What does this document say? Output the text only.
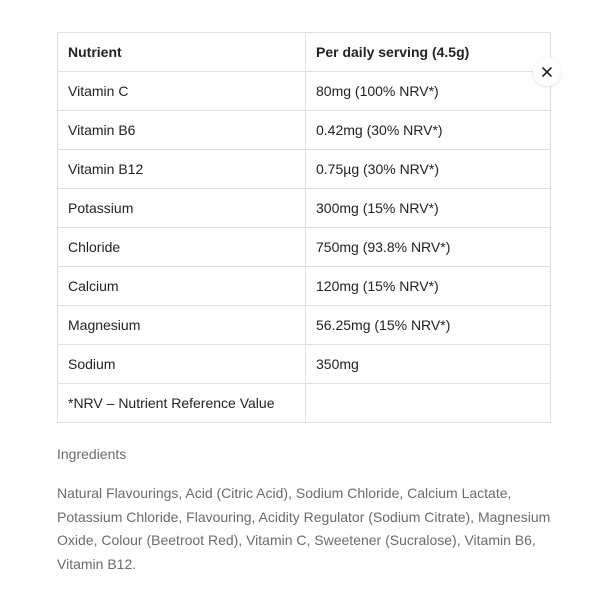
Nutrient	Per daily serving (4.5g)
Vitamin C	80mg (100% NRV*)
Vitamin B6	0.42mg (30% NRV*)
Vitamin B12	0.75µg (30% NRV*)
Potassium	300mg (15% NRV*)
Chloride	750mg (93.8% NRV*)
Calcium	120mg (15% NRV*)
Magnesium	56.25mg (15% NRV*)
Sodium	350mg
*NRV – Nutrient Reference Value	
Ingredients

Natural Flavourings, Acid (Citric Acid), Sodium Chloride, Calcium Lactate, Potassium Chloride, Flavouring, Acidity Regulator (Sodium Citrate), Magnesium Oxide, Colour (Beetroot Red), Vitamin C, Sweetener (Sucralose), Vitamin B6, Vitamin B12.
